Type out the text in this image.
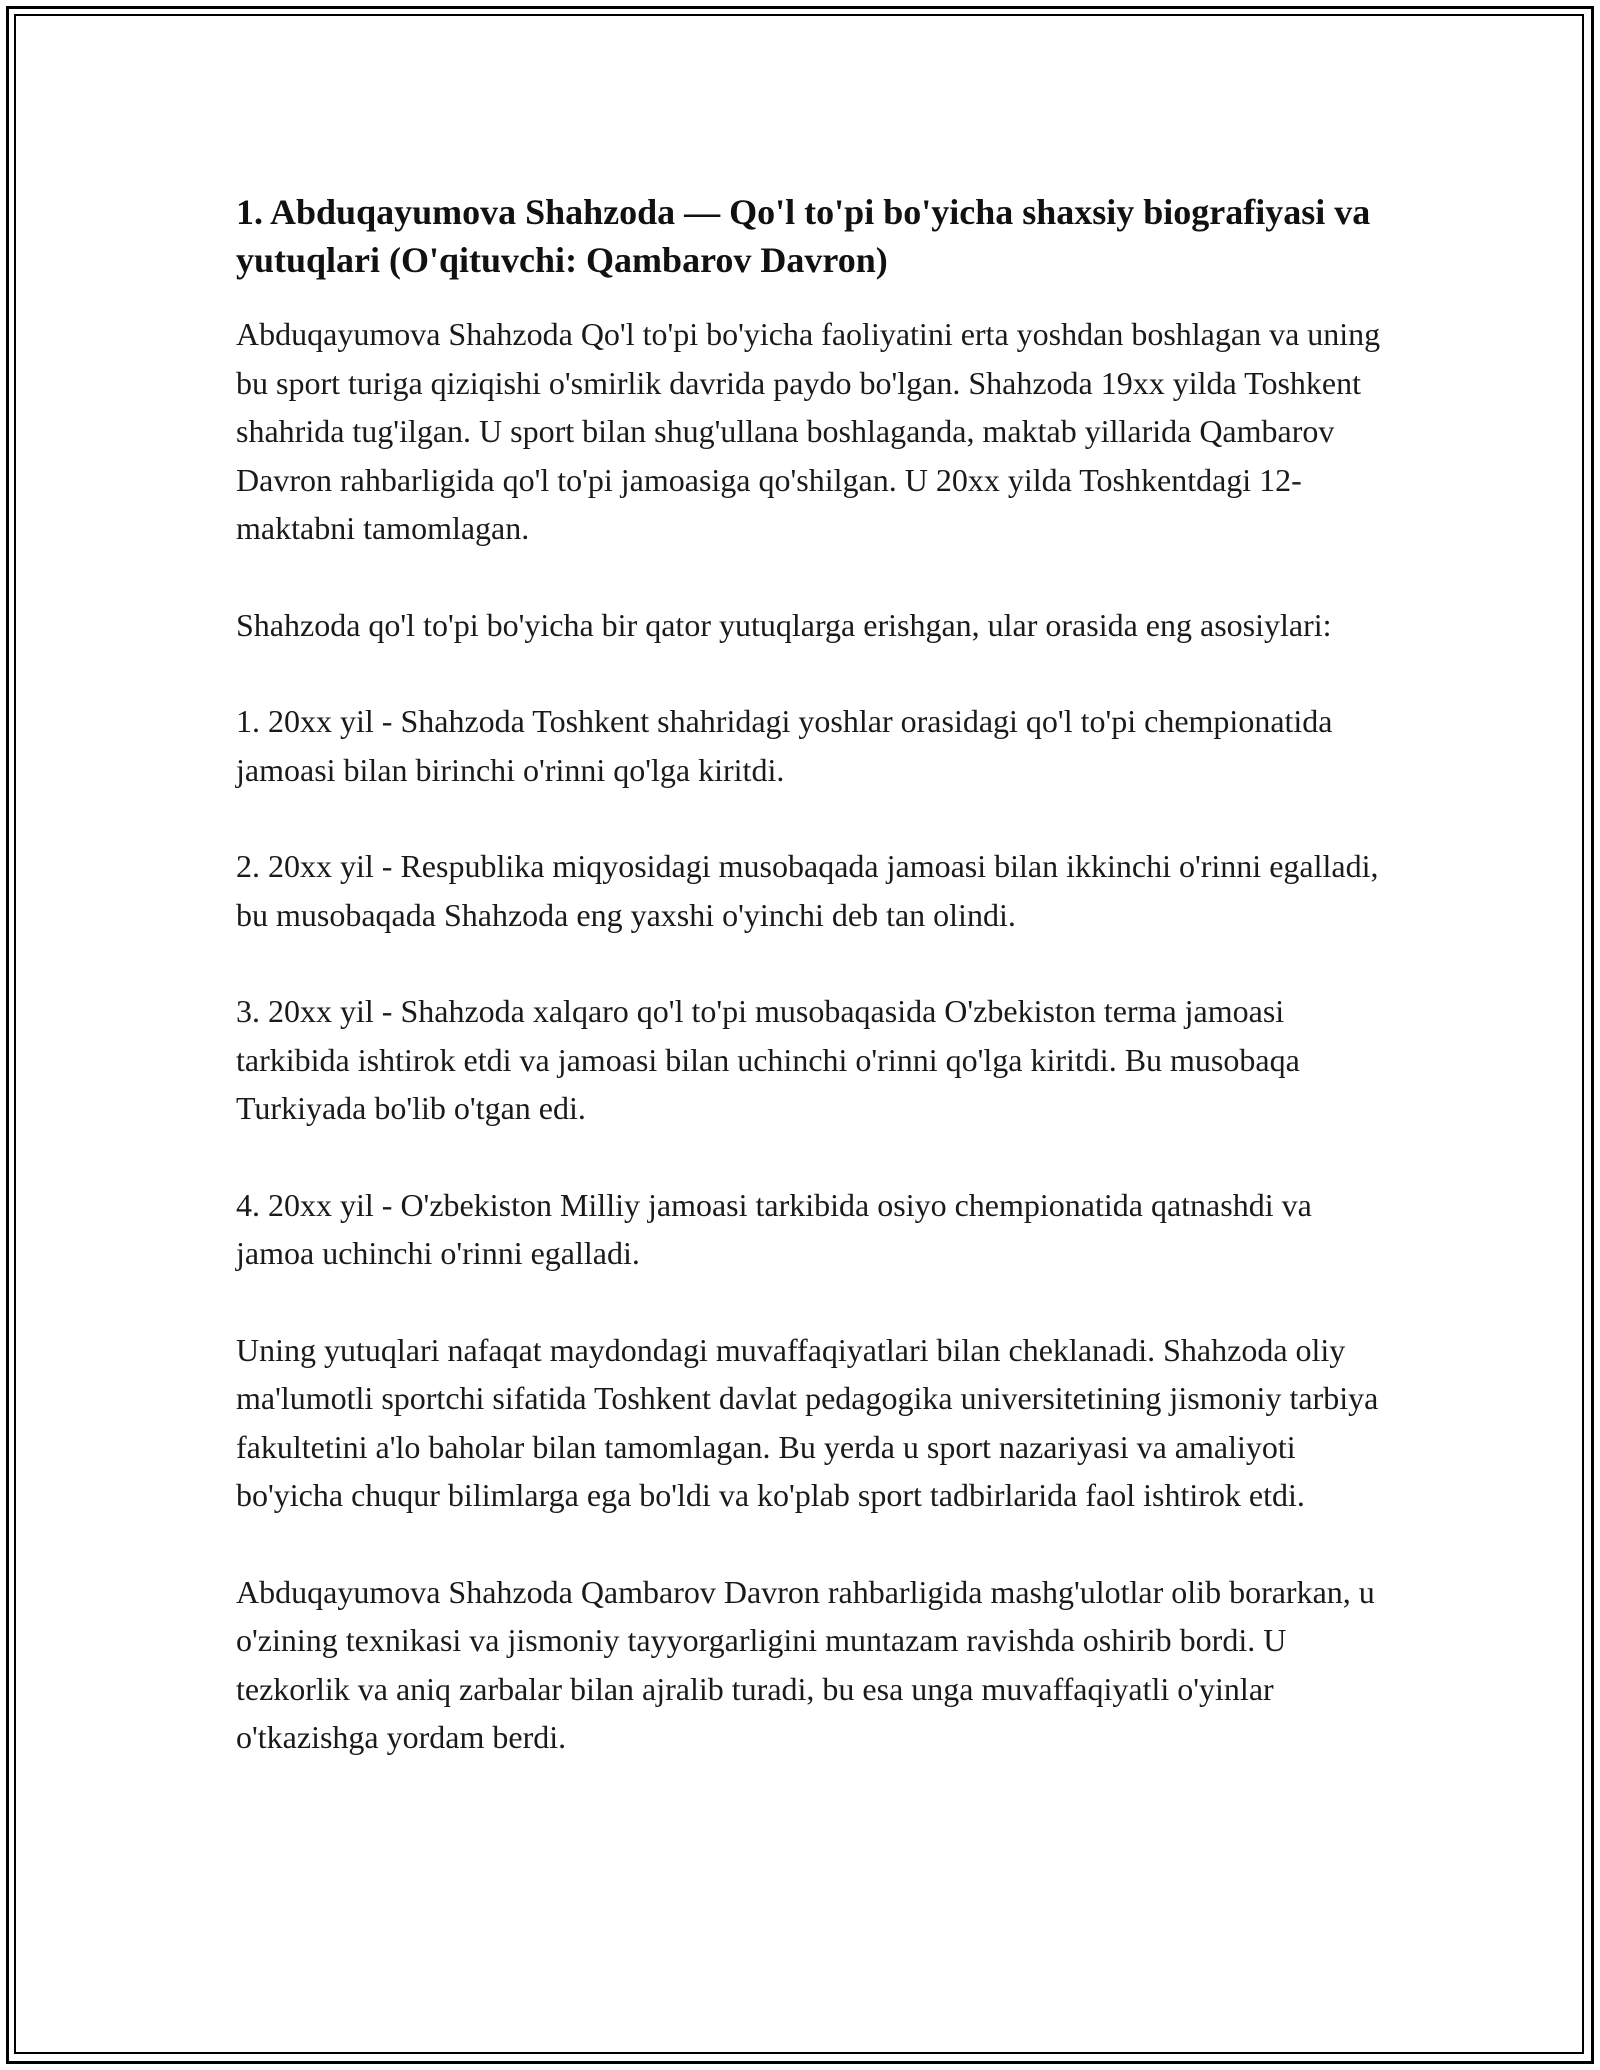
1. Abduqayumova Shahzoda — Qo'l to'pi bo'yicha shaxsiy biografiyasi va yutuqlari (O'qituvchi: Qambarov Davron)

Abduqayumova Shahzoda Qo'l to'pi bo'yicha faoliyatini erta yoshdan boshlagan va uning bu sport turiga qiziqishi o'smirlik davrida paydo bo'lgan. Shahzoda 19xx yilda Toshkent shahrida tug'ilgan. U sport bilan shug'ullana boshlaganda, maktab yillarida Qambarov Davron rahbarligida qo'l to'pi jamoasiga qo'shilgan. U 20xx yilda Toshkentdagi 12-maktabni tamomlagan.

Shahzoda qo'l to'pi bo'yicha bir qator yutuqlarga erishgan, ular orasida eng asosiylari:

1. 20xx yil - Shahzoda Toshkent shahridagi yoshlar orasidagi qo'l to'pi chempionatida jamoasi bilan birinchi o'rinni qo'lga kiritdi.

2. 20xx yil - Respublika miqyosidagi musobaqada jamoasi bilan ikkinchi o'rinni egalladi, bu musobaqada Shahzoda eng yaxshi o'yinchi deb tan olindi.

3. 20xx yil - Shahzoda xalqaro qo'l to'pi musobaqasida O'zbekiston terma jamoasi tarkibida ishtirok etdi va jamoasi bilan uchinchi o'rinni qo'lga kiritdi. Bu musobaqa Turkiyada bo'lib o'tgan edi.

4. 20xx yil - O'zbekiston Milliy jamoasi tarkibida osiyo chempionatida qatnashdi va jamoa uchinchi o'rinni egalladi.

Uning yutuqlari nafaqat maydondagi muvaffaqiyatlari bilan cheklanadi. Shahzoda oliy ma'lumotli sportchi sifatida Toshkent davlat pedagogika universitetining jismoniy tarbiya fakultetini a'lo baholar bilan tamomlagan. Bu yerda u sport nazariyasi va amaliyoti bo'yicha chuqur bilimlarga ega bo'ldi va ko'plab sport tadbirlarida faol ishtirok etdi.

Abduqayumova Shahzoda Qambarov Davron rahbarligida mashg'ulotlar olib borarkan, u o'zining texnikasi va jismoniy tayyorgarligini muntazam ravishda oshirib bordi. U tezkorlik va aniq zarbalar bilan ajralib turadi, bu esa unga muvaffaqiyatli o'yinlar o'tkazishga yordam berdi.
